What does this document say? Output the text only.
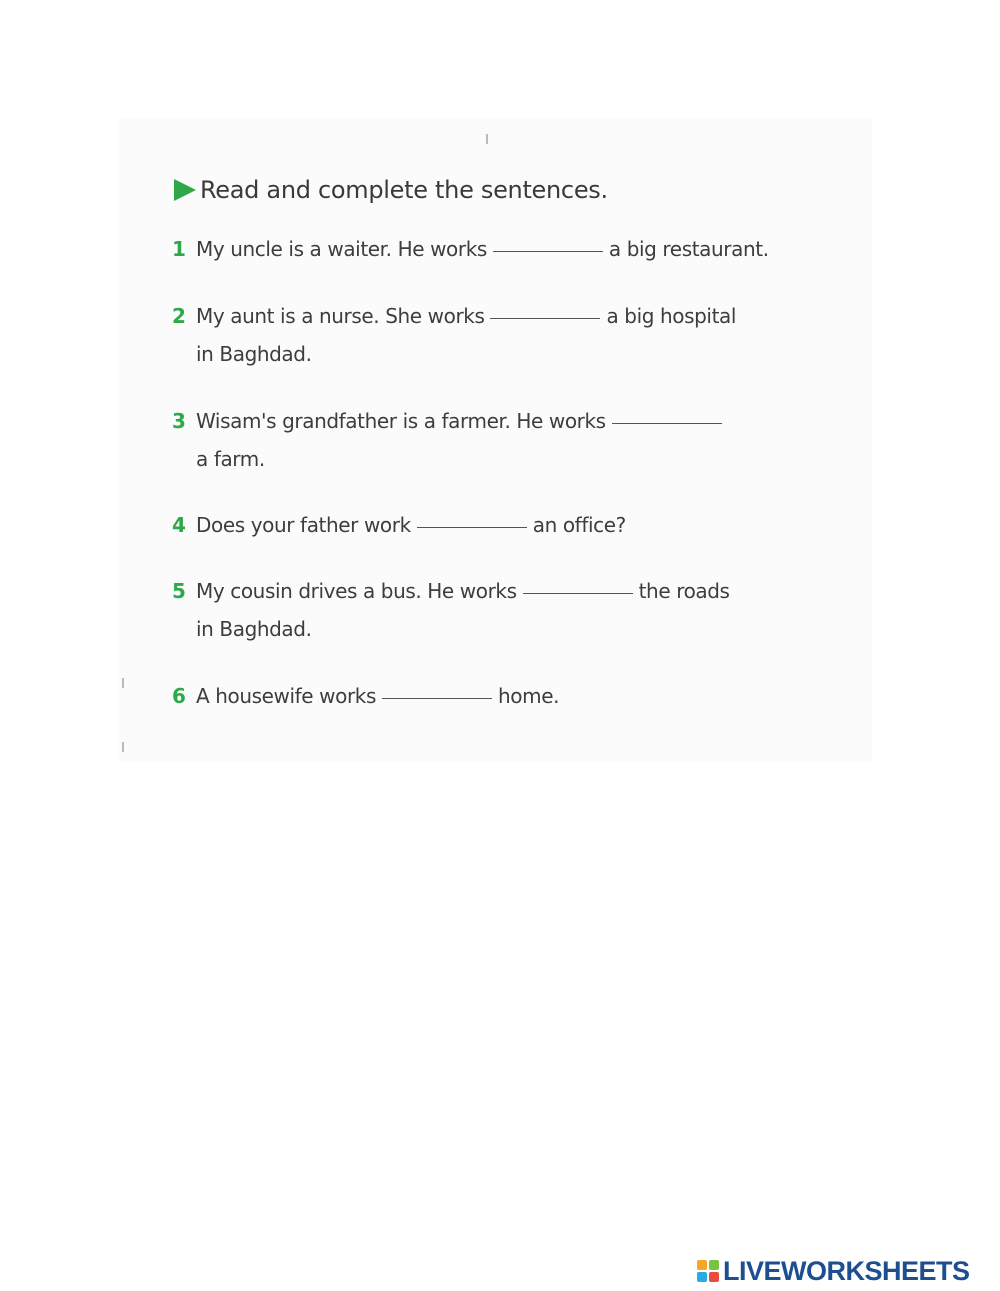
Read and complete the sentences.
1 My uncle is a waiter. He works	a big restaurant.
2 My aunt is a nurse. She works	a big hospital
in Baghdad.
3 Wisam's grandfather is a farmer. He works
a farm.
4 Does your father work	an office?
5 My cousin drives a bus. He works	the roads
in Baghdad.
6 A housewife works	home.
LIVEWORKSHEETS
